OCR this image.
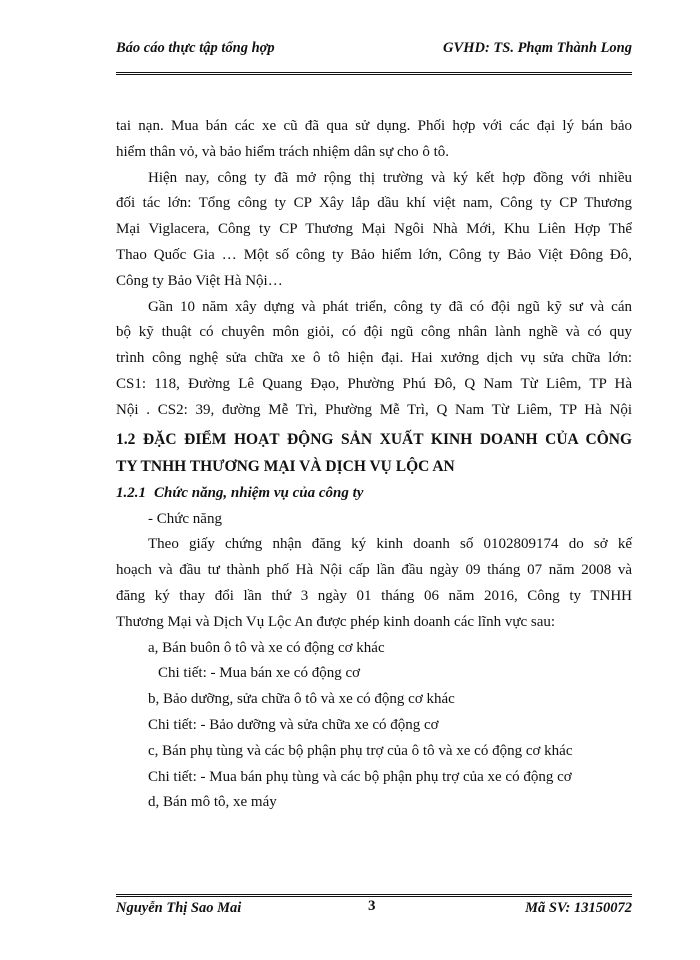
Báo cáo thực tập tổng hợp	GVHD: TS. Phạm Thành Long

tai nạn. Mua bán các xe cũ đã qua sử dụng. Phối hợp với các đại lý bán bảo
hiểm thân vỏ, và bảo hiểm trách nhiệm dân sự cho ô tô.

Hiện nay, công ty đã mở rộng thị trường và ký kết hợp đồng với nhiều
đối tác lớn: Tổng công ty CP Xây lắp dầu khí việt nam, Công ty CP Thương
Mại Viglacera, Công ty CP Thương Mại Ngôi Nhà Mới, Khu Liên Hợp Thể
Thao Quốc Gia … Một số công ty Bảo hiểm lớn, Công ty Bảo Việt Đông Đô,
Công ty Bảo Việt Hà Nội…

Gần 10 năm xây dựng và phát triển, công ty đã có đội ngũ kỹ sư và cán
bộ kỹ thuật có chuyên môn giỏi, có đội ngũ công nhân lành nghề và có quy
trình công nghệ sửa chữa xe ô tô hiện đại. Hai xưởng dịch vụ sửa chữa lớn:
CS1: 118, Đường Lê Quang Đạo, Phường Phú Đô, Q Nam Từ Liêm, TP Hà
Nội . CS2: 39, đường Mễ Trì, Phường Mễ Trì, Q Nam Từ Liêm, TP Hà Nội

1.2 ĐẶC ĐIỂM HOẠT ĐỘNG SẢN XUẤT KINH DOANH CỦA CÔNG
TY TNHH THƯƠNG MẠI VÀ DỊCH VỤ LỘC AN
1.2.1 Chức năng, nhiệm vụ của công ty

- Chức năng

Theo giấy chứng nhận đăng ký kinh doanh số 0102809174 do sở kế
hoạch và đầu tư thành phố Hà Nội cấp lần đầu ngày 09 tháng 07 năm 2008 và
đăng ký thay đổi lần thứ 3 ngày 01 tháng 06 năm 2016, Công ty TNHH
Thương Mại và Dịch Vụ Lộc An được phép kinh doanh các lĩnh vực sau:

a, Bán buôn ô tô và xe có động cơ khác
Chi tiết: - Mua bán xe có động cơ
b, Bảo dưỡng, sửa chữa ô tô và xe có động cơ khác
Chi tiết: - Bảo dưỡng và sửa chữa xe có động cơ
c, Bán phụ tùng và các bộ phận phụ trợ của ô tô và xe có động cơ khác
Chi tiết: - Mua bán phụ tùng và các bộ phận phụ trợ của xe có động cơ
d, Bán mô tô, xe máy

Nguyễn Thị Sao Mai	3	Mã SV: 13150072
